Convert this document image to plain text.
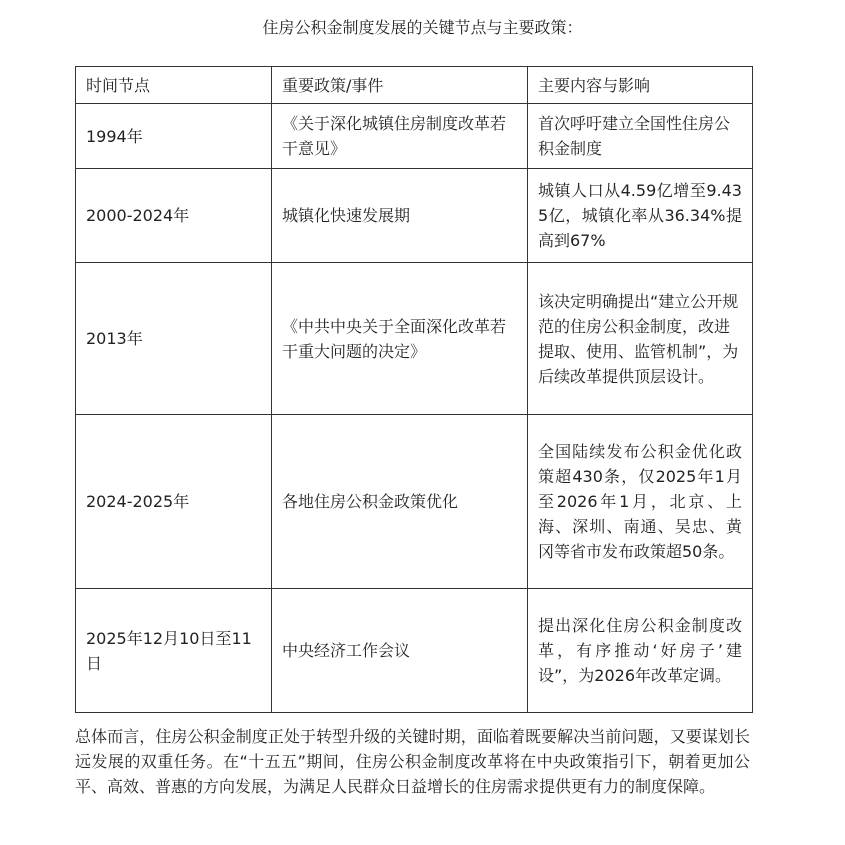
住房公积金制度发展的关键节点与主要政策：
时间节点	重要政策/事件	主要内容与影响
1994年	《关于深化城镇住房制度改革若干意见》	首次呼吁建立全国性住房公积金制度
2000-2024年	城镇化快速发展期	城镇人口从4.59亿增至9.435亿，城镇化率从36.34%提高到67%
2013年	《中共中央关于全面深化改革若干重大问题的决定》	该决定明确提出“建立公开规范的住房公积金制度，改进提取、使用、监管机制”，为后续改革提供顶层设计。
2024-2025年	各地住房公积金政策优化	全国陆续发布公积金优化政策超430条，仅2025年1月至2026年1月，北京、上海、深圳、南通、吴忠、黄冈等省市发布政策超50条。
2025年12月10日至11日	中央经济工作会议	提出深化住房公积金制度改革，有序推动‘好房子’建设”，为2026年改革定调。
总体而言，住房公积金制度正处于转型升级的关键时期，面临着既要解决当前问题，又要谋划长远发展的双重任务。在“十五五”期间，住房公积金制度改革将在中央政策指引下，朝着更加公平、高效、普惠的方向发展，为满足人民群众日益增长的住房需求提供更有力的制度保障。
